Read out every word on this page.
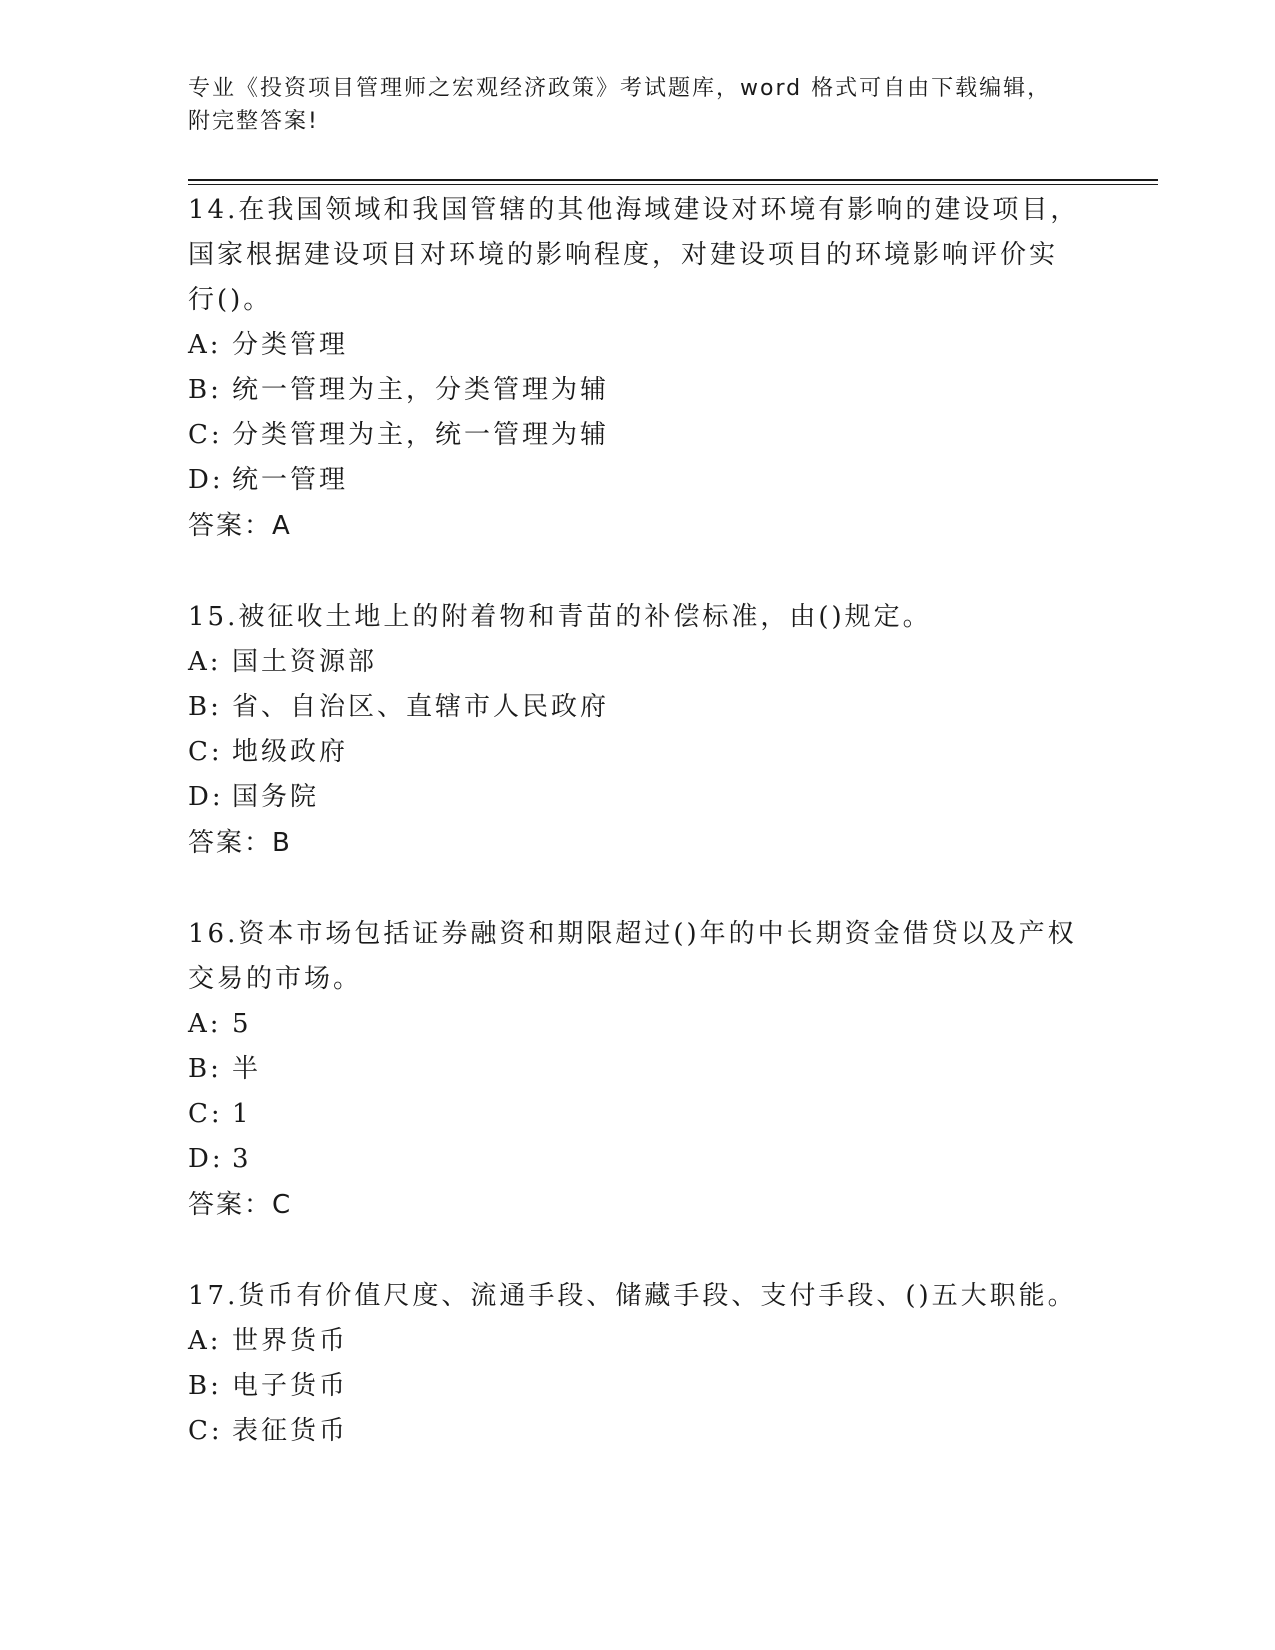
专业《投资项目管理师之宏观经济政策》考试题库，word 格式可自由下载编辑，
附完整答案!

14.在我国领域和我国管辖的其他海域建设对环境有影响的建设项目，

国家根据建设项目对环境的影响程度，对建设项目的环境影响评价实

行()。

A: 分类管理

B: 统一管理为主，分类管理为辅

C: 分类管理为主，统一管理为辅

D: 统一管理

答案：A

15.被征收土地上的附着物和青苗的补偿标准，由()规定。

A: 国土资源部

B: 省、自治区、直辖市人民政府

C: 地级政府

D: 国务院

答案：B

16.资本市场包括证券融资和期限超过()年的中长期资金借贷以及产权

交易的市场。

A: 5

B: 半

C: 1

D: 3

答案：C

17.货币有价值尺度、流通手段、储藏手段、支付手段、()五大职能。

A: 世界货币

B: 电子货币

C: 表征货币
